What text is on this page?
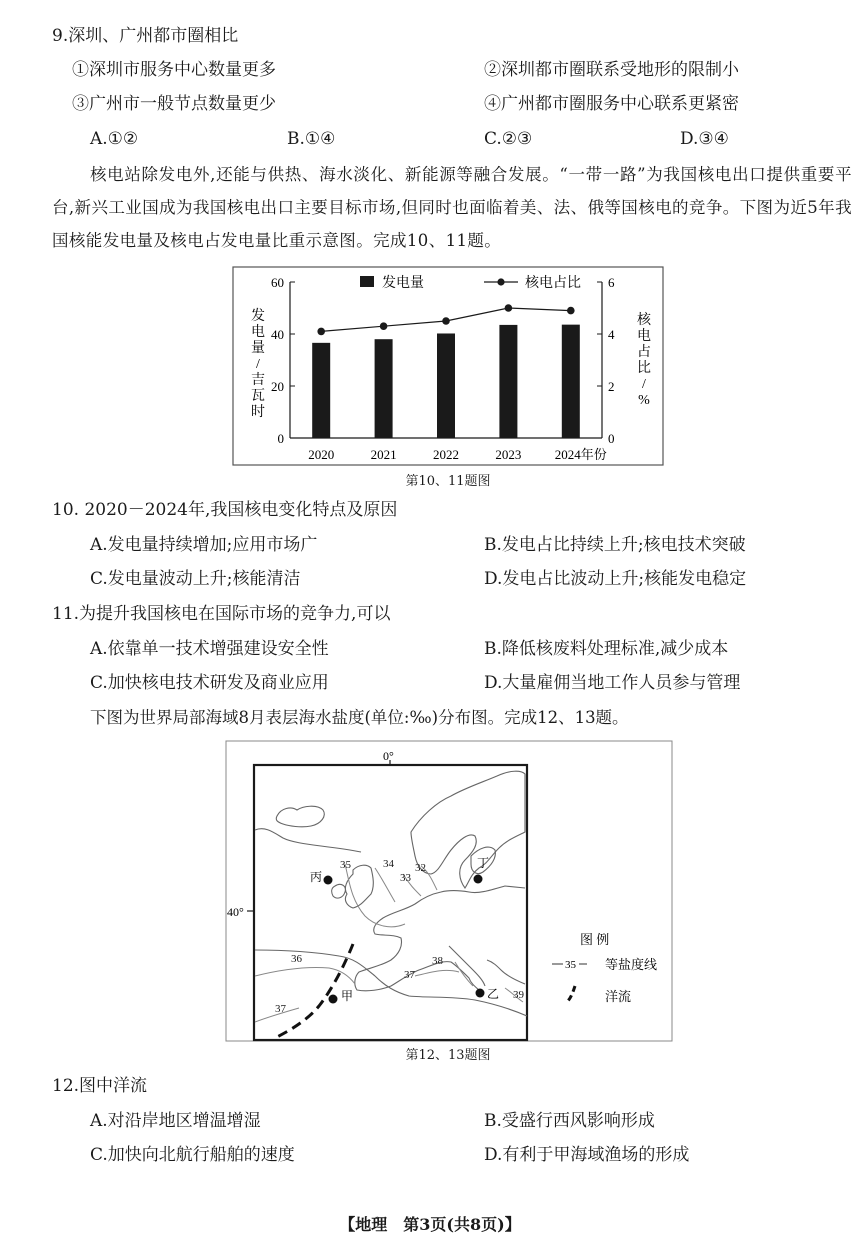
9.深圳、广州都市圈相比
①深圳市服务中心数量更多	②深圳都市圈联系受地形的限制小
③广州市一般节点数量更少	④广州都市圈服务中心联系更紧密
A.①②	B.①④	C.②③	D.③④
核电站除发电外,还能与供热、海水淡化、新能源等融合发展。“一带一路”为我国核电出口提供重要平台,新兴工业国成为我国核电出口主要目标市场,但同时也面临着美、法、俄等国核电的竞争。下图为近5年我国核能发电量及核电占发电量比重示意图。完成10、11题。
0
20
40
60
0
2
4
6
2020	2021	2022	2023	2024年份
发电量	核电占比
发电量/吉瓦时
核电占比/ %
第10、11题图
10. 2020－2024年,我国核电变化特点及原因
A.发电量持续增加;应用市场广	B.发电占比持续上升;核电技术突破
C.发电量波动上升;核能清洁	D.发电占比波动上升;核能发电稳定
11.为提升我国核电在国际市场的竞争力,可以
A.依靠单一技术增强建设安全性	B.降低核废料处理标准,减少成本
C.加快核电技术研发及商业应用	D.大量雇佣当地工作人员参与管理
下图为世界局部海域8月表层海水盐度(单位:‰)分布图。完成12、13题。
0°
40°
35	34
33
32
36
37
38
39
37
丙
丁
甲	乙
图 例
35 等盐度线
洋流
第12、13题图
12.图中洋流
A.对沿岸地区增温增湿	B.受盛行西风影响形成
C.加快向北航行船舶的速度	D.有利于甲海域渔场的形成
【地理　第3页(共8页)】
